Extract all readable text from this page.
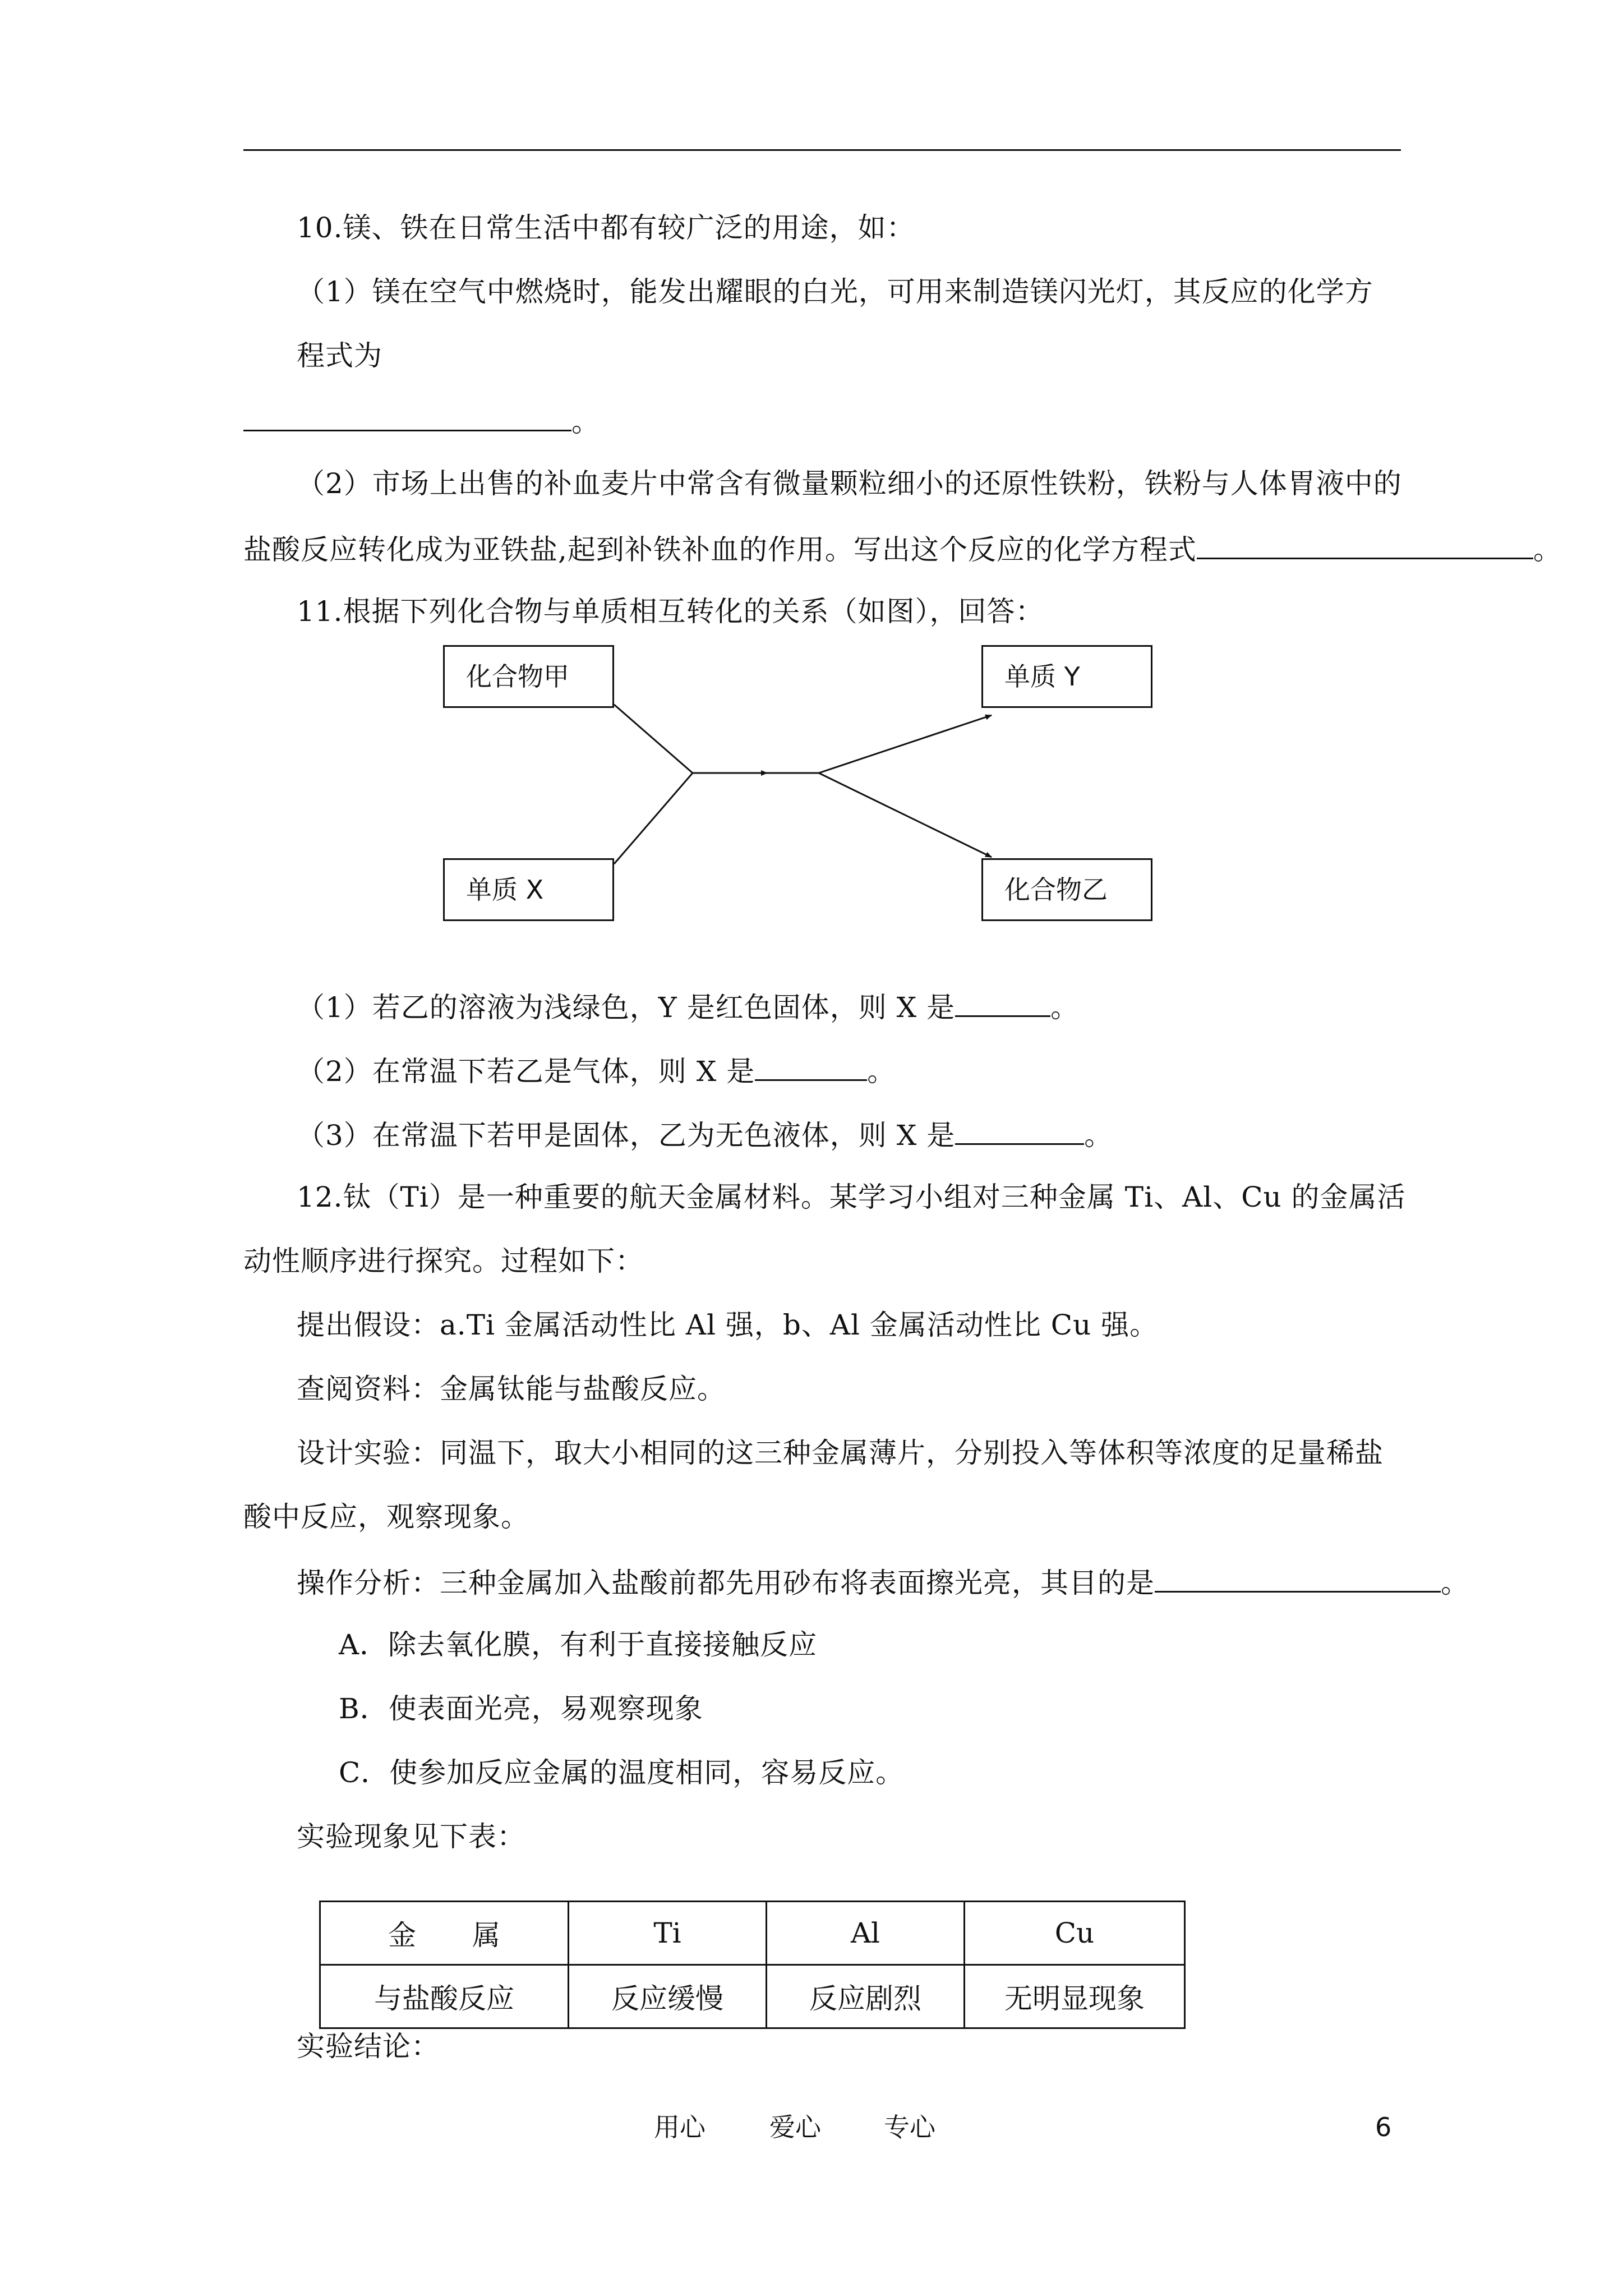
10.镁、铁在日常生活中都有较广泛的用途，如：
（1）镁在空气中燃烧时，能发出耀眼的白光，可用来制造镁闪光灯，其反应的化学方
程式为
。
（2）市场上出售的补血麦片中常含有微量颗粒细小的还原性铁粉，铁粉与人体胃液中的
盐酸反应转化成为亚铁盐,起到补铁补血的作用。写出这个反应的化学方程式	。
11.根据下列化合物与单质相互转化的关系（如图），回答：
化合物甲
单质 X
单质 Y
化合物乙
（1）若乙的溶液为浅绿色，Y 是红色固体，则 X 是	。
（2）在常温下若乙是气体，则 X 是	。
（3）在常温下若甲是固体，乙为无色液体，则 X 是	。
12.钛（Ti）是一种重要的航天金属材料。某学习小组对三种金属 Ti、Al、Cu 的金属活
动性顺序进行探究。过程如下：
提出假设：a.Ti 金属活动性比 Al 强，b、Al 金属活动性比 Cu 强。
查阅资料：金属钛能与盐酸反应。
设计实验：同温下，取大小相同的这三种金属薄片，分别投入等体积等浓度的足量稀盐
酸中反应，观察现象。
操作分析：三种金属加入盐酸前都先用砂布将表面擦光亮，其目的是	。
A．除去氧化膜，有利于直接接触反应
B．使表面光亮，易观察现象
C．使参加反应金属的温度相同，容易反应。
实验现象见下表：
金　　属	Ti	Al	Cu
与盐酸反应	反应缓慢	反应剧烈	无明显现象
实验结论：
用心 爱心 专心	6
